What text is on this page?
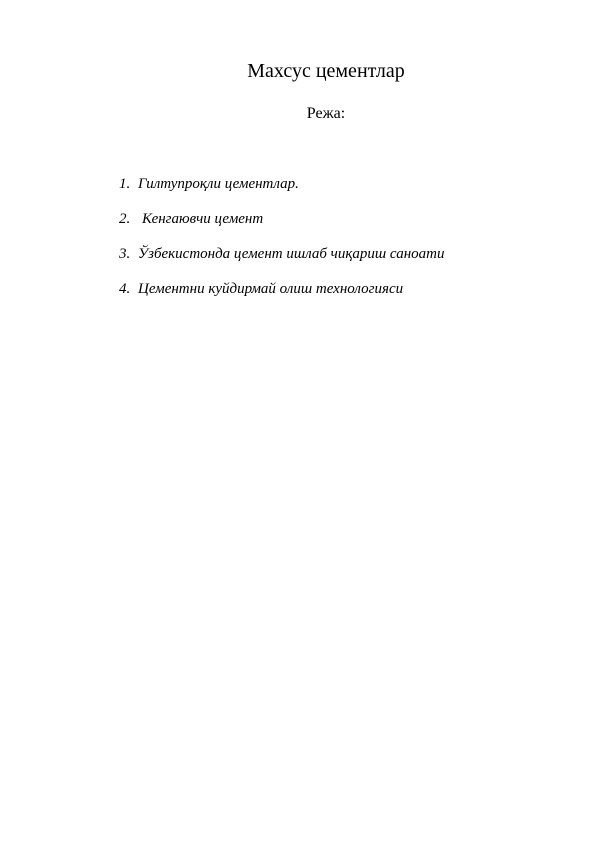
Махсус цементлар
Режа:
1. Гилтупроқли цементлар.
2. Кенгаювчи цемент
3. Ўзбекистонда цемент ишлаб чиқариш саноати
4. Цементни куйдирмай олиш технологияси
